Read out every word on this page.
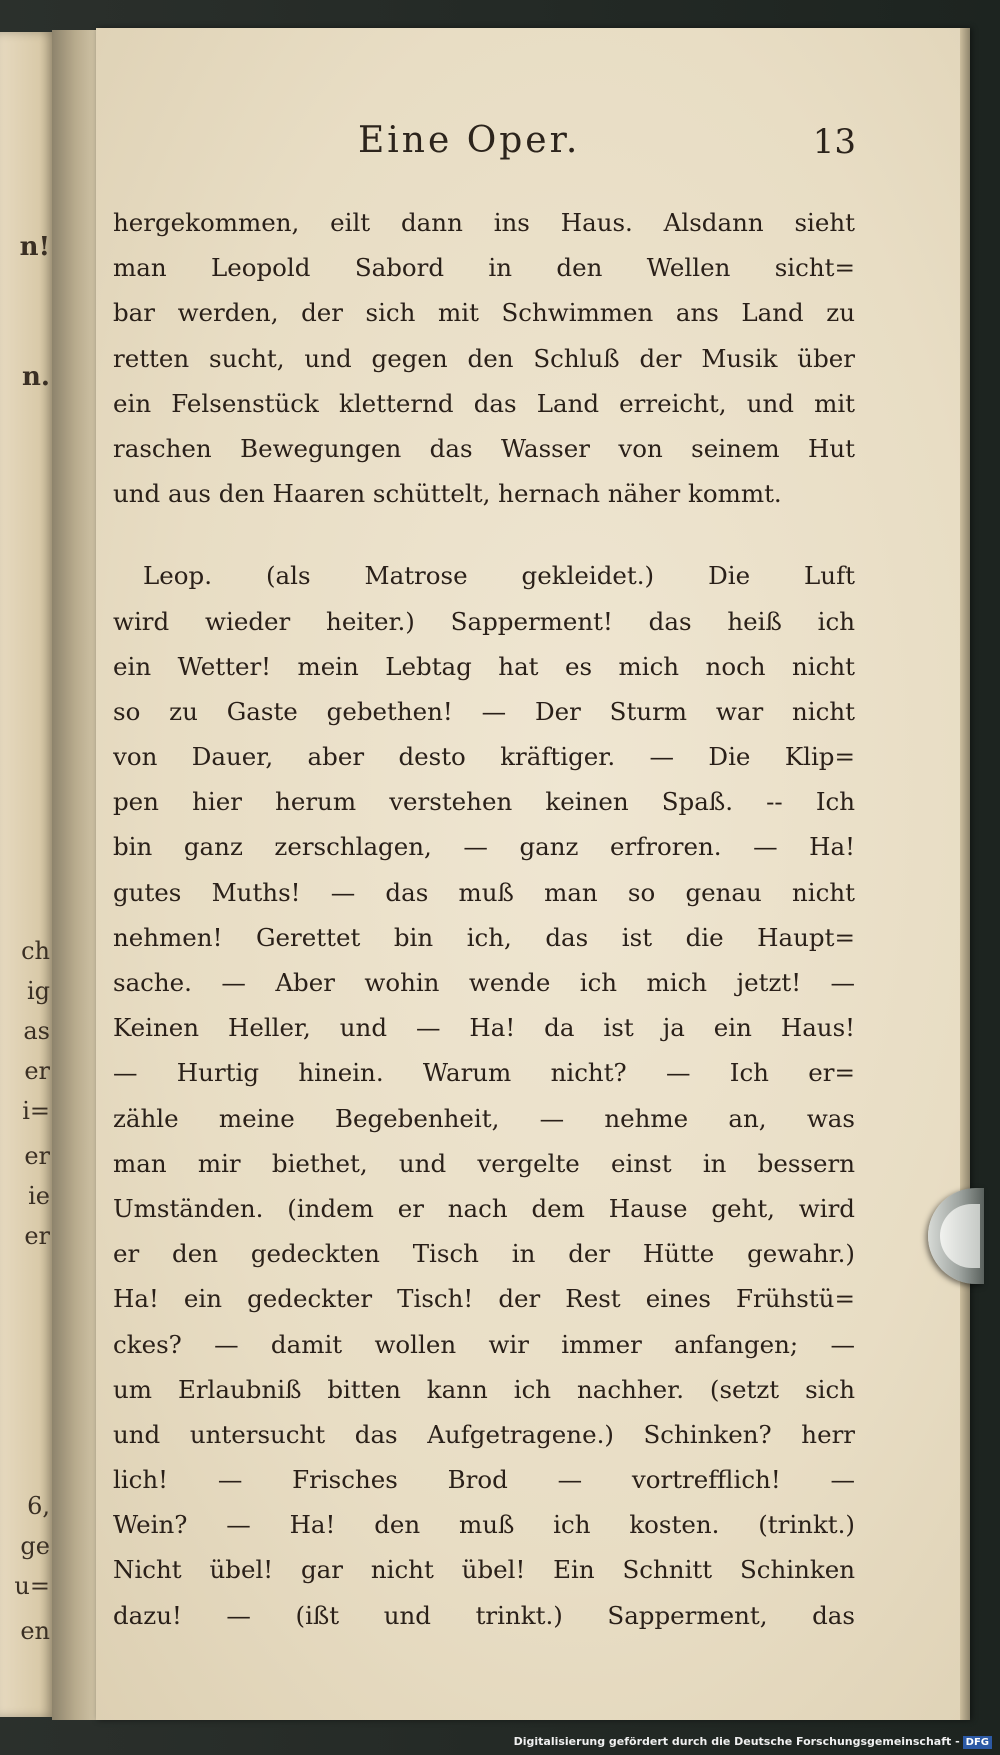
n!
n.
ch
ig
as
er
i=
er
ie
er
6,
ge
u=
en
Eine Oper.	13
hergekommen, eilt dann ins Haus. Alsdann sieht
man Leopold Sabord in den Wellen sicht=
bar werden, der sich mit Schwimmen ans Land zu
retten sucht, und gegen den Schluß der Musik über
ein Felsenstück kletternd das Land erreicht, und mit
raschen Bewegungen das Wasser von seinem Hut
und aus den Haaren schüttelt, hernach näher kommt.
Leop. (als Matrose gekleidet.) Die Luft
wird wieder heiter.) Sapperment! das heiß ich
ein Wetter! mein Lebtag hat es mich noch nicht
so zu Gaste gebethen! — Der Sturm war nicht
von Dauer, aber desto kräftiger. — Die Klip=
pen hier herum verstehen keinen Spaß. -- Ich
bin ganz zerschlagen, — ganz erfroren. — Ha!
gutes Muths! — das muß man so genau nicht
nehmen! Gerettet bin ich, das ist die Haupt=
sache. — Aber wohin wende ich mich jetzt! —
Keinen Heller, und — Ha! da ist ja ein Haus!
— Hurtig hinein. Warum nicht? — Ich er=
zähle meine Begebenheit, — nehme an, was
man mir biethet, und vergelte einst in bessern
Umständen. (indem er nach dem Hause geht, wird
er den gedeckten Tisch in der Hütte gewahr.)
Ha! ein gedeckter Tisch! der Rest eines Frühstü=
ckes? — damit wollen wir immer anfangen; —
um Erlaubniß bitten kann ich nachher. (setzt sich
und untersucht das Aufgetragene.) Schinken? herr
lich! — Frisches Brod — vortrefflich! —
Wein? — Ha! den muß ich kosten. (trinkt.)
Nicht übel! gar nicht übel! Ein Schnitt Schinken
dazu! — (ißt und trinkt.) Sapperment, das
Digitalisierung gefördert durch die Deutsche Forschungsgemeinschaft - DFG
